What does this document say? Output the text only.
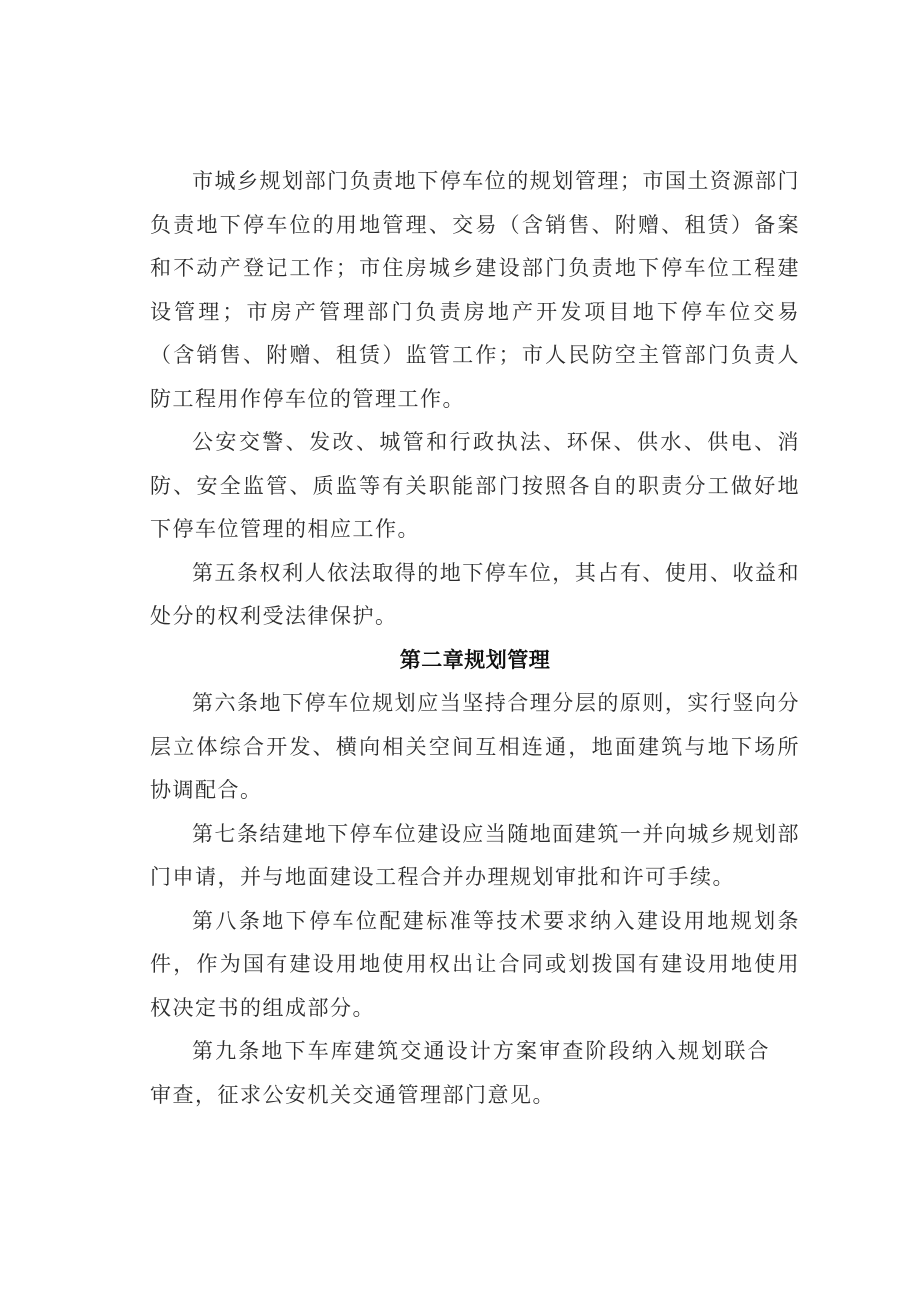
市城乡规划部门负责地下停车位的规划管理；市国土资源部门负责地下停车位的用地管理、交易（含销售、附赠、租赁）备案和不动产登记工作；市住房城乡建设部门负责地下停车位工程建设管理；市房产管理部门负责房地产开发项目地下停车位交易（含销售、附赠、租赁）监管工作；市人民防空主管部门负责人防工程用作停车位的管理工作。

公安交警、发改、城管和行政执法、环保、供水、供电、消防、安全监管、质监等有关职能部门按照各自的职责分工做好地下停车位管理的相应工作。

第五条权利人依法取得的地下停车位，其占有、使用、收益和处分的权利受法律保护。

第二章规划管理

第六条地下停车位规划应当坚持合理分层的原则，实行竖向分层立体综合开发、横向相关空间互相连通，地面建筑与地下场所协调配合。

第七条结建地下停车位建设应当随地面建筑一并向城乡规划部门申请，并与地面建设工程合并办理规划审批和许可手续。

第八条地下停车位配建标准等技术要求纳入建设用地规划条件，作为国有建设用地使用权出让合同或划拨国有建设用地使用权决定书的组成部分。

第九条地下车库建筑交通设计方案审查阶段纳入规划联合审查，征求公安机关交通管理部门意见。
